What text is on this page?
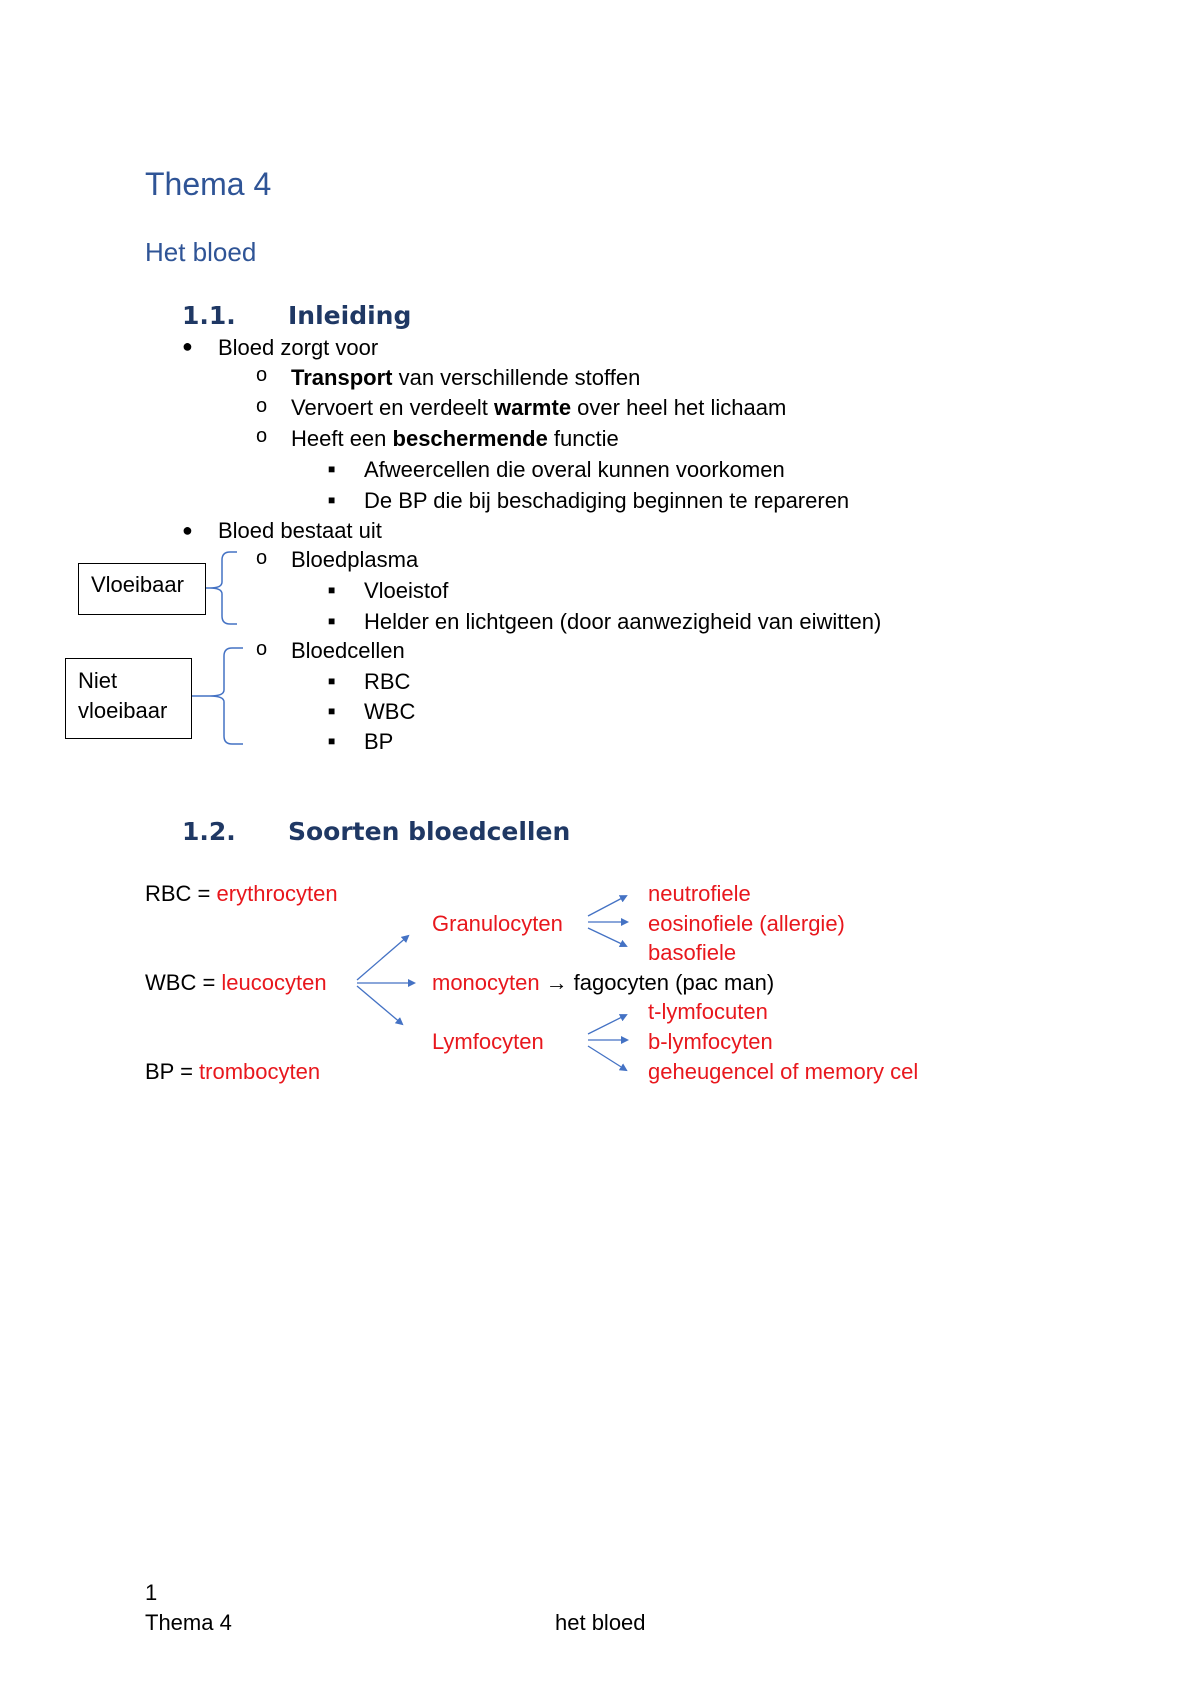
Thema 4
Het bloed
1.1. Inleiding
● Bloed zorgt voor
o Transport van verschillende stoffen
o Vervoert en verdeelt warmte over heel het lichaam
o Heeft een beschermende functie
■ Afweercellen die overal kunnen voorkomen
■ De BP die bij beschadiging beginnen te repareren
● Bloed bestaat uit
o Bloedplasma
■ Vloeistof
■ Helder en lichtgeen (door aanwezigheid van eiwitten)
o Bloedcellen
■ RBC
■ WBC
■ BP
Vloeibaar
Niet
vloeibaar
1.2. Soorten bloedcellen
RBC = erythrocyten
WBC = leucocyten
BP = trombocyten
Granulocyten
monocyten → fagocyten (pac man)
Lymfocyten
neutrofiele
eosinofiele (allergie)
basofiele
t-lymfocuten
b-lymfocyten
geheugencel of memory cel
1
Thema 4	het bloed
